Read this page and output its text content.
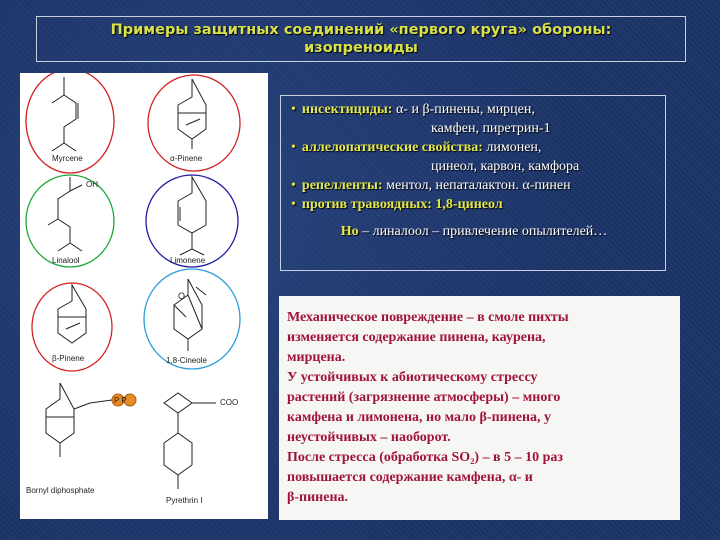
Примеры защитных соединений «первого круга» обороны:
изопреноиды
Myrcene	α-Pinene
OH
Linalool	Limonene
β-Pinene
O
1,8-Cineole
P P
Bornyl diphosphate
COO
Pyrethrin I
• инсектициды: α- и β-пинены, мирцен,
камфен, пиретрин-1
• аллелопатические свойства: лимонен,
цинеол, карвон, камфора
• репелленты: ментол, непаталактон. α-пинен
• против травоядных: 1,8-цинеол
Но – линалоол – привлечение опылителей…
Механическое повреждение – в смоле пихты
изменяется содержание пинена, каурена,
мирцена.
У устойчивых к абиотическому стрессу
растений (загрязнение атмосферы) – много
камфена и лимонена, но мало β-пинена, у
неустойчивых – наоборот.
После стресса (обработка SO₂) – в 5 – 10 раз
повышается содержание камфена, α- и
β-пинена.
